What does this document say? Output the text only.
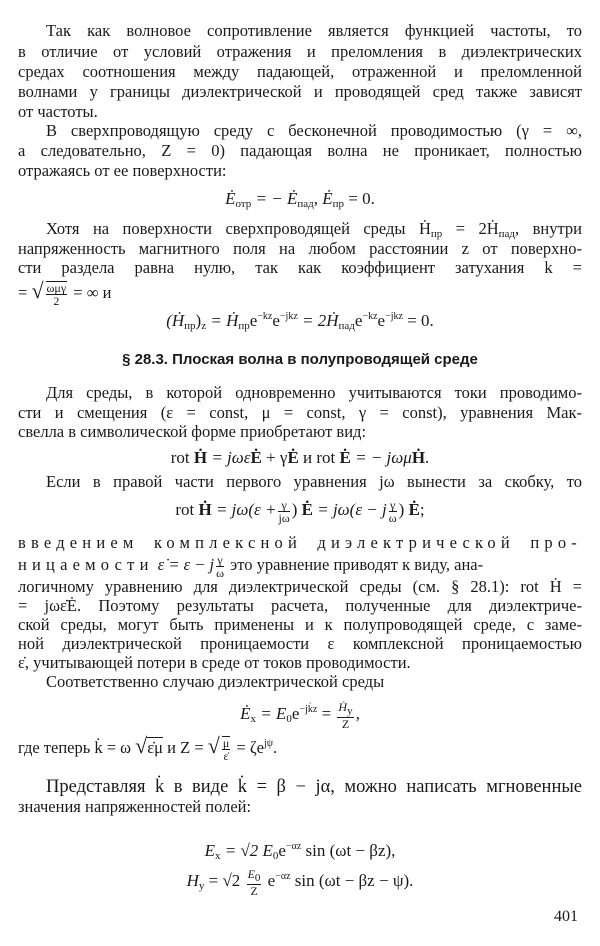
Так как волновое сопротивление является функцией частоты, то
в отличие от условий отражения и преломления в диэлектрических
средах соотношения между падающей, отраженной и преломленной
волнами у границы диэлектрической и проводящей сред также зависят
от частоты.
В сверхпроводящую среду с бесконечной проводимостью (γ = ∞,
а следовательно, Z = 0) падающая волна не проникает, полностью
отражаясь от ее поверхности:
$Ė_{отр}$ = − $Ė_{пад}$, $Ė_{пр} = 0$.
Хотя на поверхности сверхпроводящей среды Ḣ$_{пр}$ = 2Ḣ$_{пад}$, внутри
напряженность магнитного поля на любом расстоянии z от поверхно-
сти раздела равна нулю, так как коэффициент затухания k =
= √ $\frac{\text{ωμγ}}{2}$ = ∞ и
$(Ḣ_{пр})_z$ = $Ḣ_{пр}e^{-kz}e^{-jkz}$ = $2Ḣ_{пад}e^{-kz}e^{-jkz} = 0$.
§ 28.3. Плоская волна в полупроводящей среде
Для среды, в которой одновременно учитываются токи проводимо-
сти и смещения (ε = const, μ = const, γ = const), уравнения Мак-
свелла в символической форме приобретают вид:
rot Ḣ = jωεĖ + γĖ и rot Ė = − jωμḢ.
Если в правой части первого уравнения jω вынести за скобку, то
rot Ḣ = $j\omega(\varepsilon + \frac{\gamma}{j\omega}$ ) Ė = jω(ε − j $\frac{\gamma}{\omega}$ ) Ė;
введением комплексной диэлектрической про-
ницаемости ε̇ = ε − j $\frac{\gamma}{\omega}$ это уравнение приводят к виду, ана-
логичному уравнению для диэлектрической среды (см. § 28.1): rot Ḣ =
= jωε̇Ė. Поэтому результаты расчета, полученные для диэлектриче-
ской среды, могут быть применены и к полупроводящей среде, с заме-
ной диэлектрической проницаемости ε комплексной проницаемостью
ε̇, учитывающей потери в среде от токов проводимости.
Соответственно случаю диэлектрической среды
$Ė_x = E_0e^{-jk̇z} = \frac{Ḣ_y}{Z}$ ,
где теперь k̇ = ω √ε̇μ и Z = √ $\frac{\mu}{\varepsiloṅ} = \zeta e^{j\psi}$.
Представляя k̇ в виде k̇ = β − jα, можно написать мгновенные
значения напряженностей полей:
$E_x = √2$ $E_0e^{-\alpha z}$ sin (ωt − βz),
$H_y = √2 \frac{E_0}{Z} e^{-\alpha z}$ sin (ωt − βz − ψ).
401
